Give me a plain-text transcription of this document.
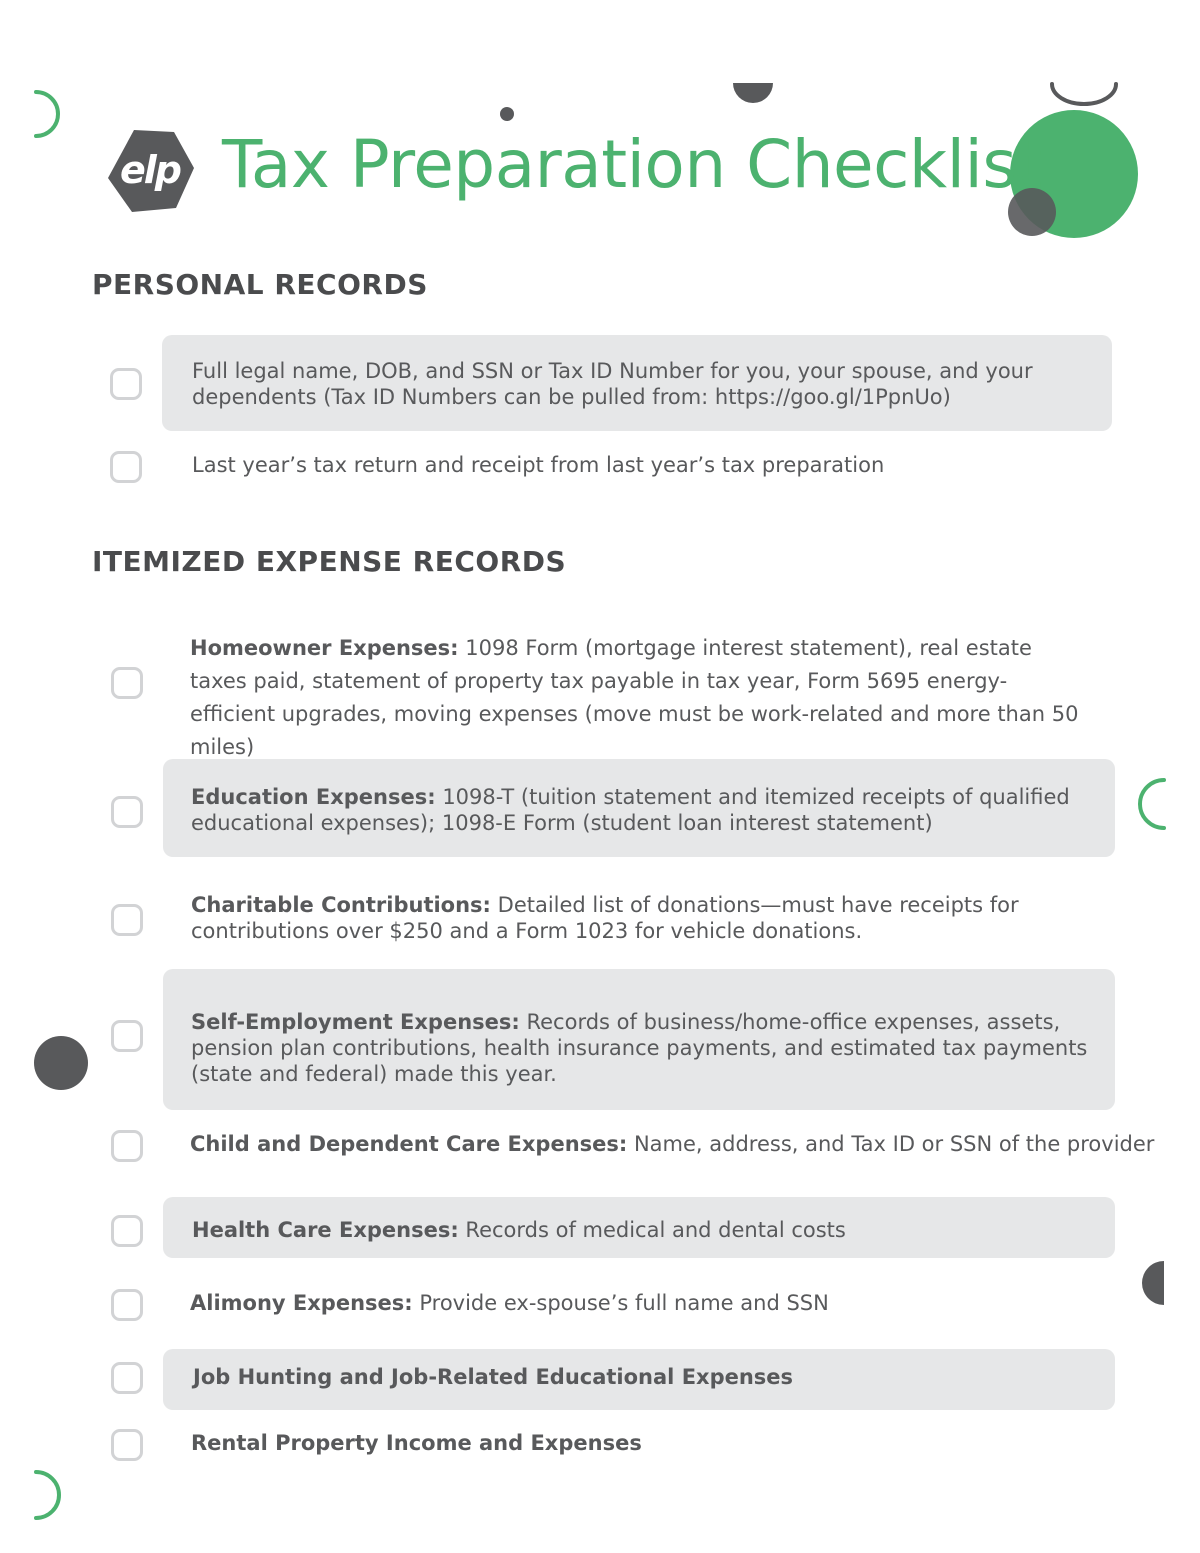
elp Tax Preparation Checklist
PERSONAL RECORDS

Full legal name, DOB, and SSN or Tax ID Number for you, your spouse, and your dependents (Tax ID Numbers can be pulled from: https://goo.gl/1PpnUo)

Last year’s tax return and receipt from last year’s tax preparation

ITEMIZED EXPENSE RECORDS

Homeowner Expenses: 1098 Form (mortgage interest statement), real estate taxes paid, statement of property tax payable in tax year, Form 5695 energy-efficient upgrades, moving expenses (move must be work-related and more than 50 miles)

Education Expenses: 1098-T (tuition statement and itemized receipts of qualified educational expenses); 1098-E Form (student loan interest statement)

Charitable Contributions: Detailed list of donations—must have receipts for contributions over $250 and a Form 1023 for vehicle donations.

Self-Employment Expenses: Records of business/home-office expenses, assets, pension plan contributions, health insurance payments, and estimated tax payments (state and federal) made this year.

Child and Dependent Care Expenses: Name, address, and Tax ID or SSN of the provider

Health Care Expenses: Records of medical and dental costs

Alimony Expenses: Provide ex-spouse’s full name and SSN

Job Hunting and Job-Related Educational Expenses

Rental Property Income and Expenses
